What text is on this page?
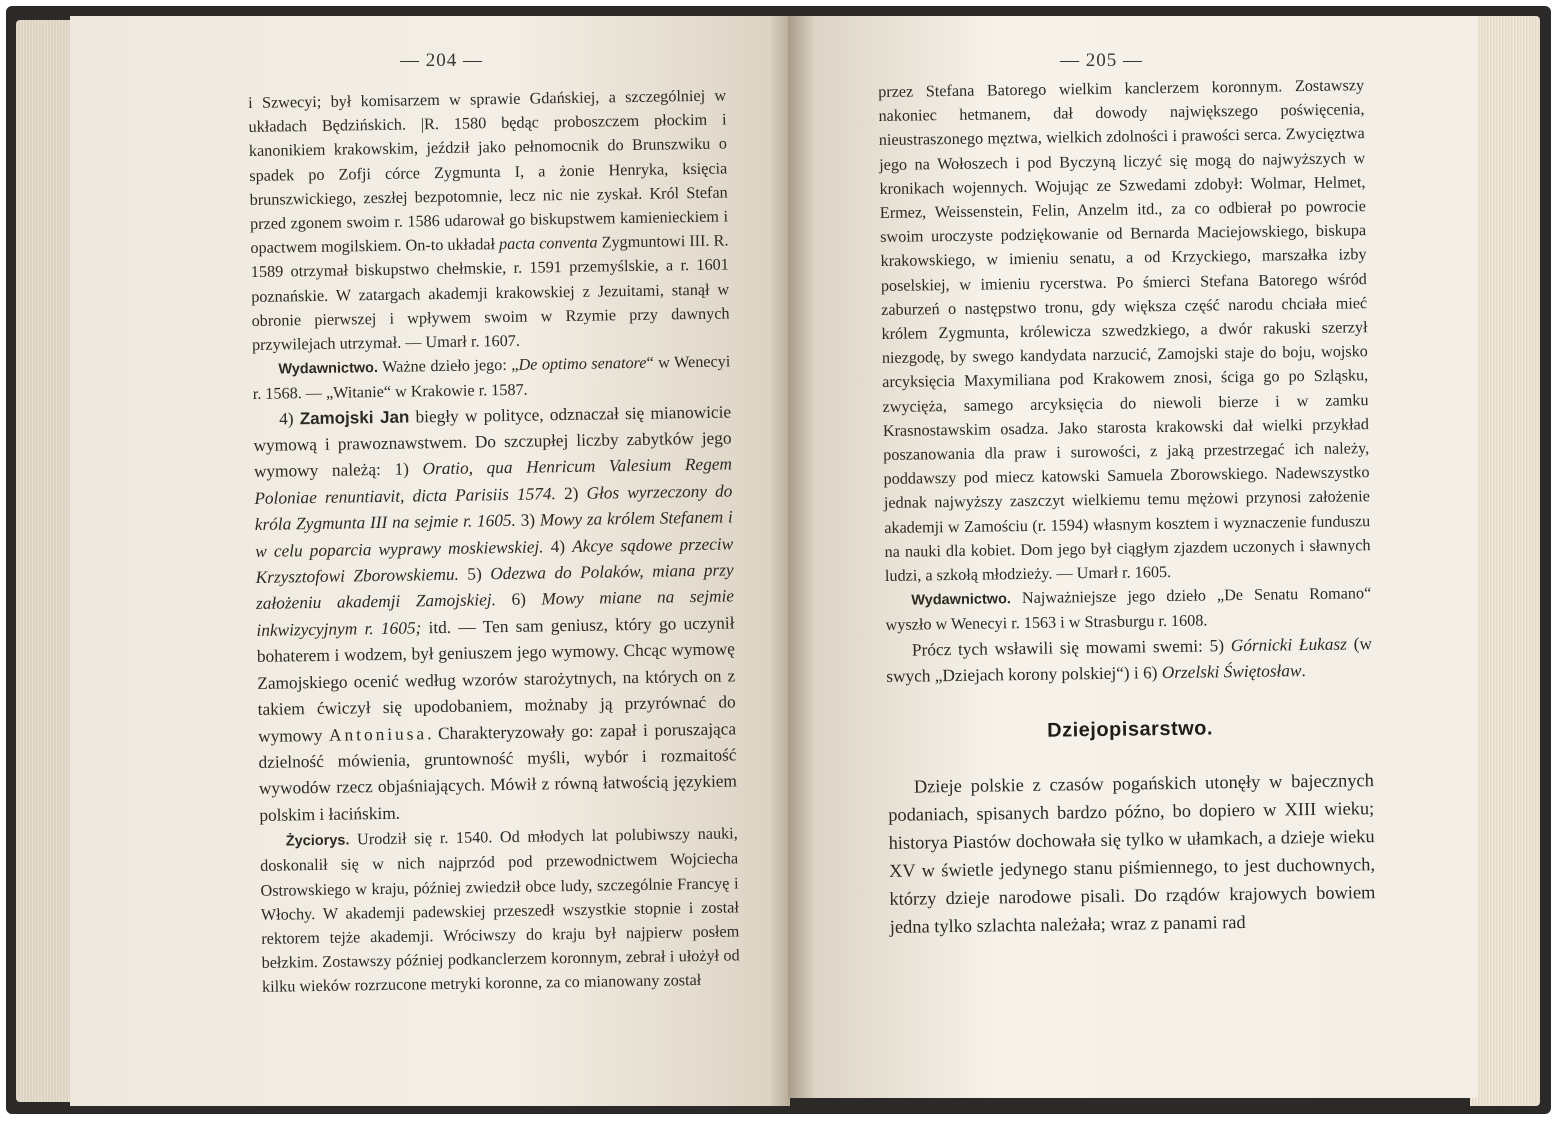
— 204 —

i Szwecyi; był komisarzem w sprawie Gdańskiej, a szczególniej w układach Będzińskich. |R. 1580 będąc proboszczem płockim i kanonikiem krakowskim, jeździł jako pełnomocnik do Brunszwiku o spadek po Zofji córce Zygmunta I, a żonie Henryka, księcia brunszwickiego, zeszłej bezpotomnie, lecz nic nie zyskał. Król Stefan przed zgonem swoim r. 1586 udarował go biskupstwem kamienieckiem i opactwem mogilskiem. On-to układał pacta conventa Zygmuntowi III. R. 1589 otrzymał biskupstwo chełmskie, r. 1591 przemyślskie, a r. 1601 poznańskie. W zatargach akademji krakowskiej z Jezuitami, stanął w obronie pierwszej i wpływem swoim w Rzymie przy dawnych przywilejach utrzymał. — Umarł r. 1607.

Wydawnictwo. Ważne dzieło jego: „De optimo senatore“ w Wenecyi r. 1568. — „Witanie“ w Krakowie r. 1587.

4) Zamojski Jan biegły w polityce, odznaczał się mianowicie wymową i prawoznawstwem. Do szczupłej liczby zabytków jego wymowy należą: 1) Oratio, qua Henricum Valesium Regem Poloniae renuntiavit, dicta Parisiis 1574. 2) Głos wyrzeczony do króla Zygmunta III na sejmie r. 1605. 3) Mowy za królem Stefanem i w celu poparcia wyprawy moskiewskiej. 4) Akcye sądowe przeciw Krzysztofowi Zborowskiemu. 5) Odezwa do Polaków, miana przy założeniu akademji Zamojskiej. 6) Mowy miane na sejmie inkwizycyjnym r. 1605; itd. — Ten sam geniusz, który go uczynił bohaterem i wodzem, był geniuszem jego wymowy. Chcąc wymowę Zamojskiego ocenić według wzorów starożytnych, na których on z takiem ćwiczył się upodobaniem, możnaby ją przyrównać do wymowy Antoniusa. Charakteryzowały go: zapał i poruszająca dzielność mówienia, gruntowność myśli, wybór i rozmaitość wywodów rzecz objaśniających. Mówił z równą łatwością językiem polskim i łacińskim.

Życiorys. Urodził się r. 1540. Od młodych lat polubiwszy nauki, doskonalił się w nich najprzód pod przewodnictwem Wojciecha Ostrowskiego w kraju, później zwiedził obce ludy, szczególnie Francyę i Włochy. W akademji padewskiej przeszedł wszystkie stopnie i został rektorem tejże akademji. Wróciwszy do kraju był najpierw posłem bełzkim. Zostawszy później podkanclerzem koronnym, zebrał i ułożył od kilku wieków rozrzucone metryki koronne, za co mianowany został

— 205 —

przez Stefana Batorego wielkim kanclerzem koronnym. Zostawszy nakoniec hetmanem, dał dowody największego poświęcenia, nieustraszonego męztwa, wielkich zdolności i prawości serca. Zwycięztwa jego na Wołoszech i pod Byczyną liczyć się mogą do najwyższych w kronikach wojennych. Wojując ze Szwedami zdobył: Wolmar, Helmet, Ermez, Weissenstein, Felin, Anzelm itd., za co odbierał po powrocie swoim uroczyste podziękowanie od Bernarda Maciejowskiego, biskupa krakowskiego, w imieniu senatu, a od Krzyckiego, marszałka izby poselskiej, w imieniu rycerstwa. Po śmierci Stefana Batorego wśród zaburzeń o następstwo tronu, gdy większa część narodu chciała mieć królem Zygmunta, królewicza szwedzkiego, a dwór rakuski szerzył niezgodę, by swego kandydata narzucić, Zamojski staje do boju, wojsko arcyksięcia Maxymiliana pod Krakowem znosi, ściga go po Szląsku, zwycięża, samego arcyksięcia do niewoli bierze i w zamku Krasnostawskim osadza. Jako starosta krakowski dał wielki przykład poszanowania dla praw i surowości, z jaką przestrzegać ich należy, poddawszy pod miecz katowski Samuela Zborowskiego. Nadewszystko jednak najwyższy zaszczyt wielkiemu temu mężowi przynosi założenie akademji w Zamościu (r. 1594) własnym kosztem i wyznaczenie funduszu na nauki dla kobiet. Dom jego był ciągłym zjazdem uczonych i sławnych ludzi, a szkołą młodzieży. — Umarł r. 1605.

Wydawnictwo. Najważniejsze jego dzieło „De Senatu Romano“ wyszło w Wenecyi r. 1563 i w Strasburgu r. 1608.

Prócz tych wsławili się mowami swemi: 5) Górnicki Łukasz (w swych „Dziejach korony polskiej“) i 6) Orzelski Świętosław.

Dziejopisarstwo.

Dzieje polskie z czasów pogańskich utonęły w bajecznych podaniach, spisanych bardzo późno, bo dopiero w XIII wieku; historya Piastów dochowała się tylko w ułamkach, a dzieje wieku XV w świetle jedynego stanu piśmiennego, to jest duchownych, którzy dzieje narodowe pisali. Do rządów krajowych bowiem jedna tylko szlachta należała; wraz z panami rad
